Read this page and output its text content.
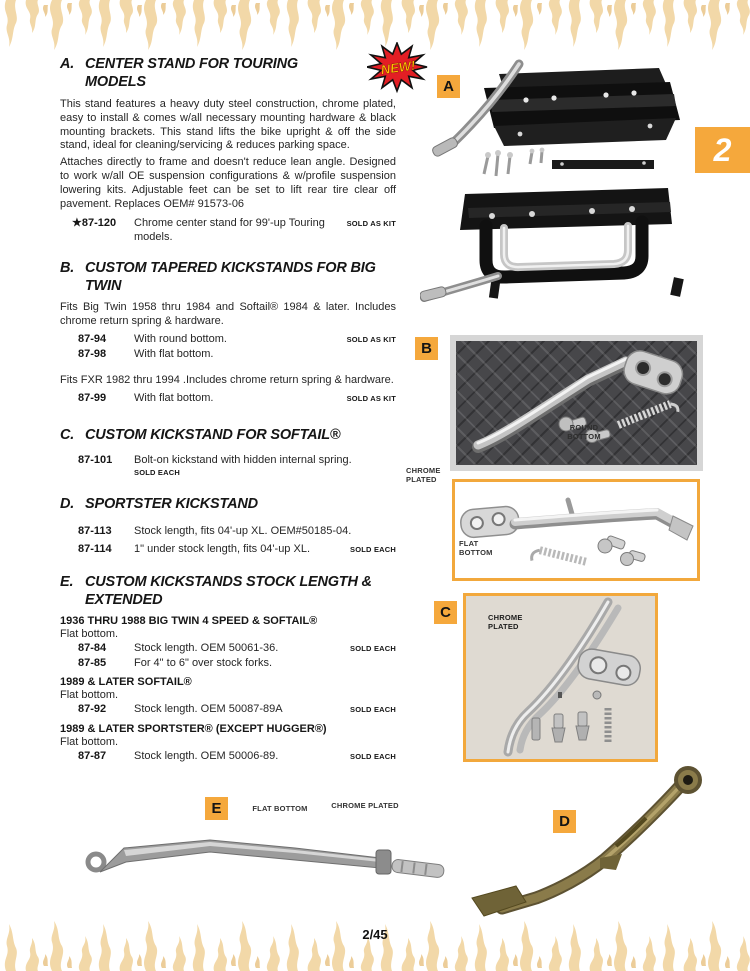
2/45
2
NEW!
A. CENTER STAND FOR TOURING MODELS

This stand features a heavy duty steel construction, chrome plated, easy to install & comes w/all necessary mounting hardware & black mounting brackets. This stand lifts the bike upright & off the side stand, ideal for cleaning/servicing & reduces parking space.

Attaches directly to frame and doesn't reduce lean angle. Designed to work w/all OE suspension configurations & w/profile suspension lowering kits. Adjustable feet can be set to lift rear tire clear off pavement. Replaces OEM# 91573-06

★87-120	Chrome center stand for 99'-up Touring models.
SOLD AS KIT
B. CUSTOM TAPERED KICKSTANDS FOR BIG TWIN

Fits Big Twin 1958 thru 1984 and Softail® 1984 & later. Includes chrome return spring & hardware.

87-94	With round bottom.	SOLD AS KIT
87-98	With flat bottom.

Fits FXR 1982 thru 1994 .Includes chrome return spring & hardware.

87-99	With flat bottom.	SOLD AS KIT
C. CUSTOM KICKSTAND FOR SOFTAIL®
87-101	Bolt-on kickstand with hidden internal spring.
SOLD EACH
D. SPORTSTER KICKSTAND
87-113	Stock length, fits 04'-up XL. OEM#50185-04.
87-114	1" under stock length, fits 04'-up XL.	SOLD EACH
E. CUSTOM KICKSTANDS STOCK LENGTH & EXTENDED
1936 THRU 1988 BIG TWIN 4 SPEED & SOFTAIL®
Flat bottom.
87-84	Stock length. OEM 50061-36.	SOLD EACH
87-85	For 4" to 6" over stock forks.
1989 & LATER SOFTAIL®
Flat bottom.
87-92	Stock length. OEM 50087-89A	SOLD EACH
1989 & LATER SPORTSTER® (EXCEPT HUGGER®)
Flat bottom.
87-87	Stock length. OEM 50006-89.	SOLD EACH
A
ROUND BOTTOM
B
CHROME PLATED
FLAT BOTTOM
C	CHROME PLATED
D
E	FLAT BOTTOM	CHROME PLATED
